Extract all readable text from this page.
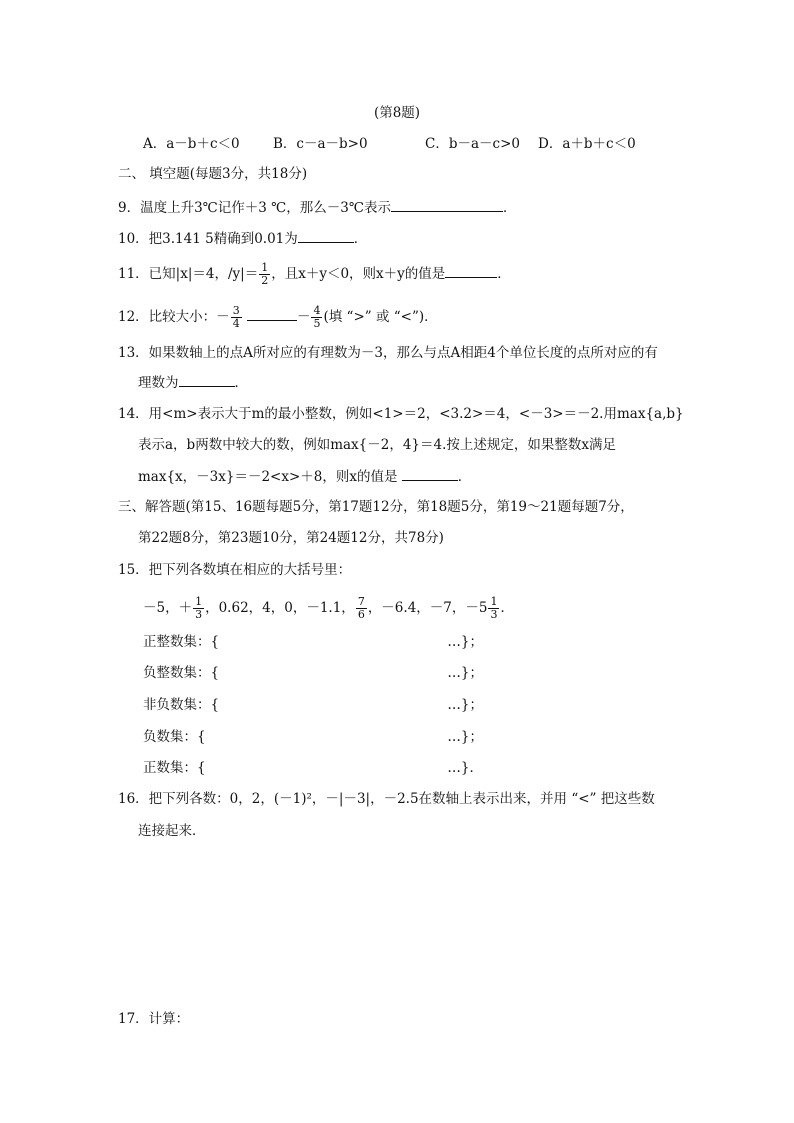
(第8题)
A．a－b＋c＜0 B．c－a－b>0	C．b－a－c>0 D．a＋b＋c＜0
二、 填空题(每题3分，共18分)
9．温度上升3℃记作＋3 ℃，那么－3℃表示	．
10．把3.141 5精确到0.01为	．
11．已知|x|＝4，$/y|= \frac{1}{2}$ ，且x＋y＜0，则x＋y的值是	．
12．比较大小：－ $\frac{3}{4}$	－ $\frac{4}{5}$ (填 “>” 或 “<”)．
13．如果数轴上的点A所对应的有理数为－3，那么与点A相距4个单位长度的点所对应的有
理数为	．
14．用<m>表示大于m的最小整数，例如<1>＝2，<3.2>＝4，<－3>＝－2.用max{a,b}
表示a，b两数中较大的数，例如max{－2，4}＝4.按上述规定，如果整数x满足
max{x，－3x}＝－2<x>＋8，则x的值是	．
三、解答题(第15、16题每题5分，第17题12分，第18题5分，第19～21题每题7分，
第22题8分，第23题10分，第24题12分，共78分)
15．把下列各数填在相应的大括号里：
－5，＋ $\frac{1}{3}$ ，0.62，4，0，－1.1， $\frac{7}{6}$ ，－6.4，－7，$-5 \frac{1}{3}$ ．
正整数集：{	…}；
负整数集：{	…}；
非负数集：{	…}；
负数集：{	…}；
正数集：{	…}．
16．把下列各数：0，2，(－1)²，－|－3|，－2.5在数轴上表示出来，并用 “<” 把这些数
连接起来．
17．计算：
